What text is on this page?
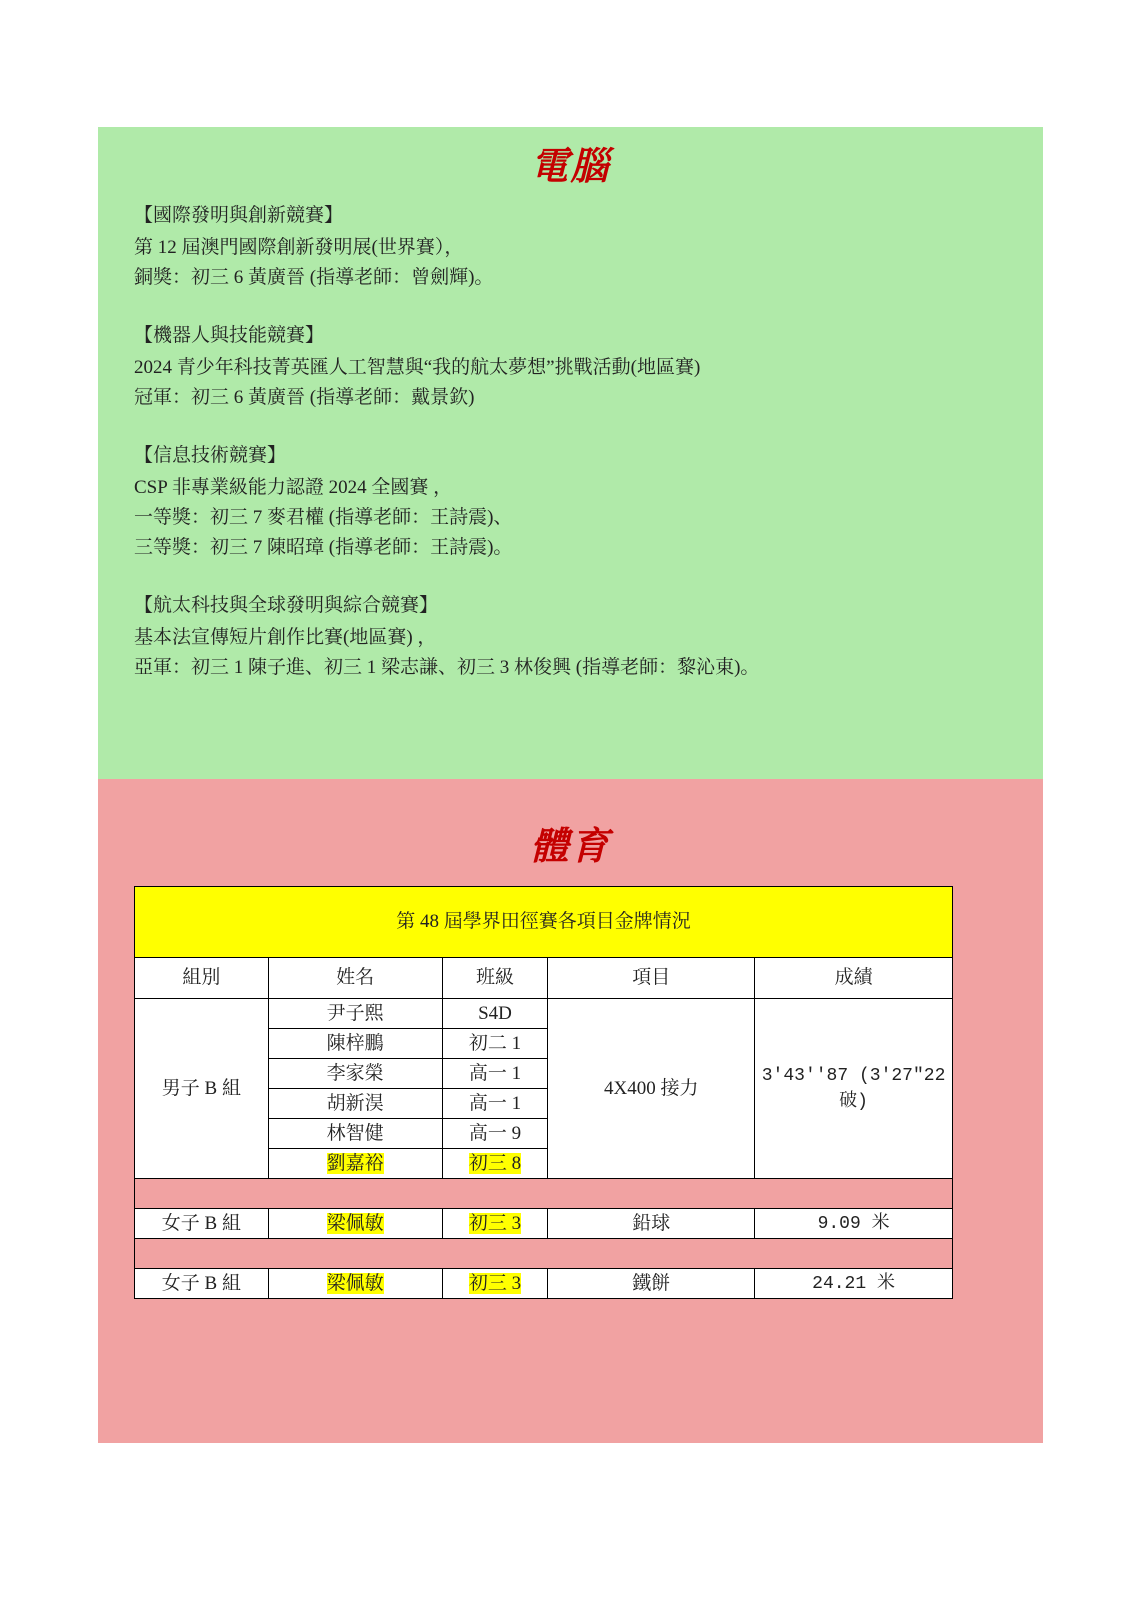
電腦
【國際發明與創新競賽】
第 12 屆澳門國際創新發明展(世界賽），
銅獎：初三 6 黃廣晉 (指導老師：曾劍輝)。
【機器人與技能競賽】
2024 青少年科技菁英匯人工智慧與“我的航太夢想”挑戰活動(地區賽)
冠軍：初三 6 黃廣晉 (指導老師：戴景欽)
【信息技術競賽】
CSP 非專業級能力認證 2024 全國賽 ，
一等獎：初三 7 麥君權 (指導老師：王詩震)、
三等獎：初三 7 陳昭璋 (指導老師：王詩震)。
【航太科技與全球發明與綜合競賽】
基本法宣傳短片創作比賽(地區賽) ，
亞軍：初三 1 陳子進、初三 1 梁志謙、初三 3 林俊興 (指導老師：黎沁東)。
體育
第 48 屆學界田徑賽各項目金牌情況				
組別	姓名	班級	項目	成績
男子 B 組	尹子熙	S4D	4X400 接力	3'43''87 (3'27"22 破)
	陳梓鵬	初二 1		
	李家榮	高一 1		
	胡新淏	高一 1		
	林智健	高一 9		
	劉嘉裕	初三 8		

女子 B 組	梁佩敏	初三 3	鉛球	9.09 米

女子 B 組	梁佩敏	初三 3	鐵餅	24.21 米
